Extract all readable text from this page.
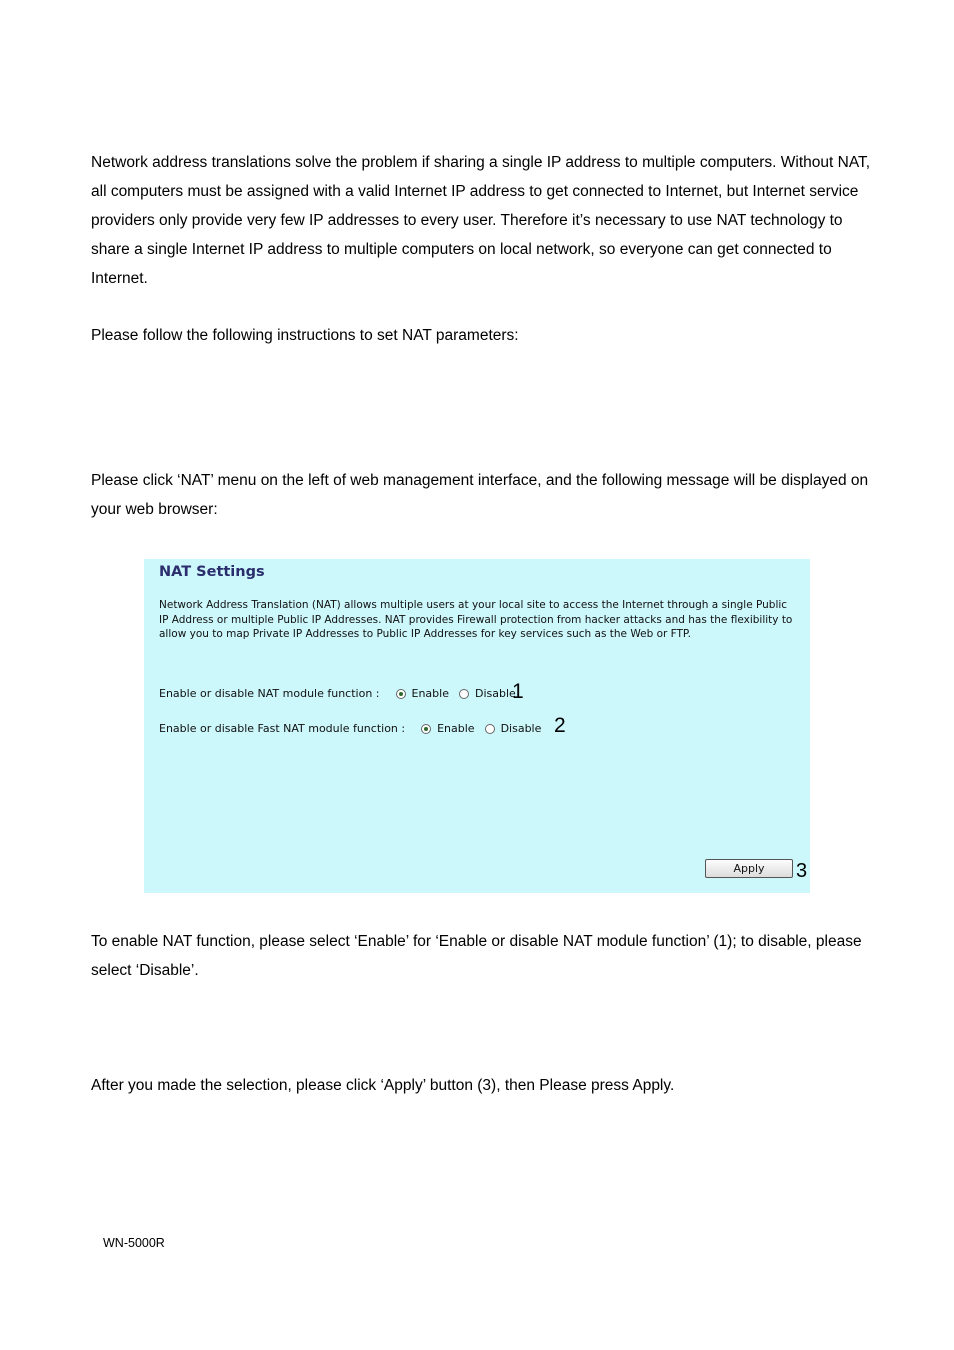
Network address translations solve the problem if sharing a single IP address to multiple computers. Without NAT, all computers must be assigned with a valid Internet IP address to get connected to Internet, but Internet service providers only provide very few IP addresses to every user. Therefore it’s necessary to use NAT technology to share a single Internet IP address to multiple computers on local network, so everyone can get connected to Internet.

Please follow the following instructions to set NAT parameters:

Please click ‘NAT’ menu on the left of web management interface, and the following message will be displayed on your web browser:

NAT Settings
Network Address Translation (NAT) allows multiple users at your local site to access the Internet through a single Public IP Address or multiple Public IP Addresses. NAT provides Firewall protection from hacker attacks and has the flexibility to allow you to map Private IP Addresses to Public IP Addresses for key services such as the Web or FTP.
Enable or disable NAT module function :	Enable Disable
1
Enable or disable Fast NAT module function :	Enable Disable 2
Apply	3

To enable NAT function, please select ‘Enable’ for ‘Enable or disable NAT module function’ (1); to disable, please select ‘Disable’.

After you made the selection, please click ‘Apply’ button (3), then Please press Apply.

WN-5000R
